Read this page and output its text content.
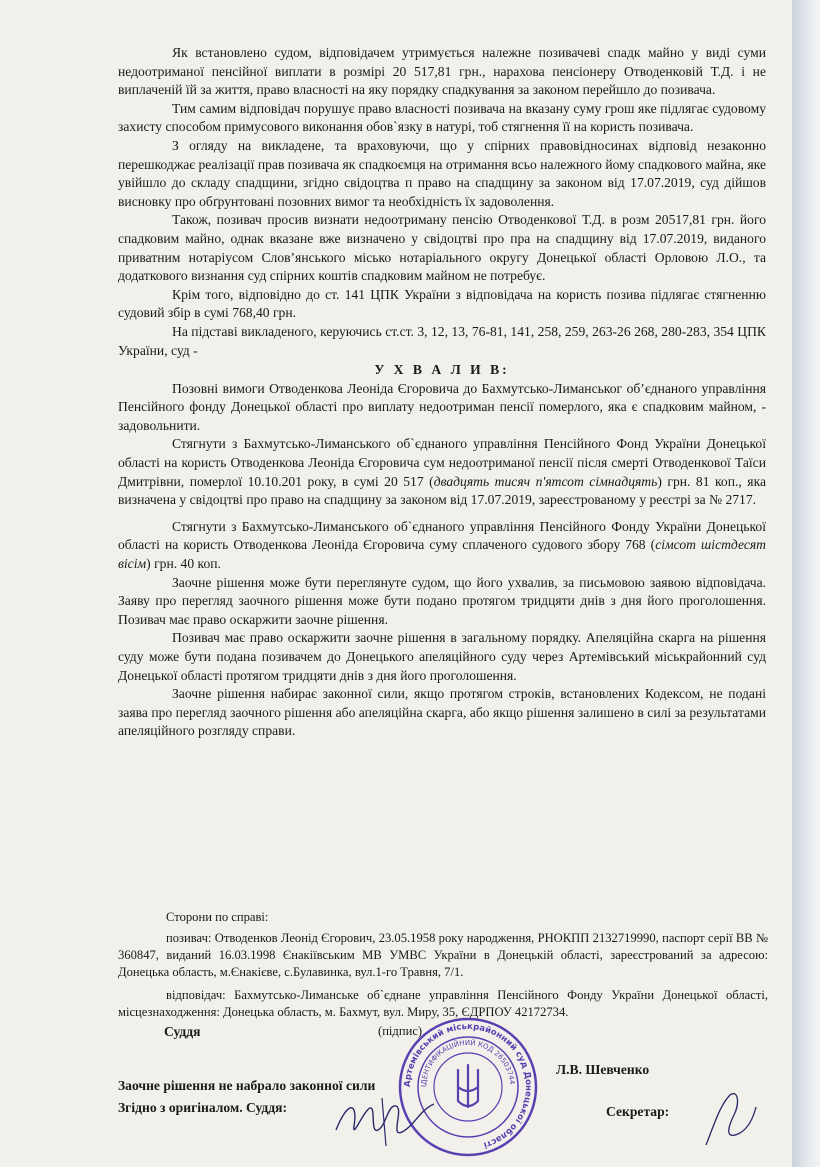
Як встановлено судом, відповідачем утримується належне позивачеві спадк майно у виді суми недоотриманої пенсійної виплати в розмірі 20 517,81 грн., нарахова пенсіонеру Отводенковій Т.Д. і не виплаченій їй за життя, право власності на яку порядку спадкування за законом перейшло до позивача.

Тим самим відповідач порушує право власності позивача на вказану суму грош яке підлягає судовому захисту способом примусового виконання обов`язку в натурі, тоб стягнення її на користь позивача.

З огляду на викладене, та враховуючи, що у спірних правовідносинах відповід незаконно перешкоджає реалізації прав позивача як спадкоємця на отримання всьо належного йому спадкового майна, яке увійшло до складу спадщини, згідно свідоцтва п право на спадщину за законом від 17.07.2019, суд дійшов висновку про обґрунтовані позовних вимог та необхідність їх задоволення.

Також, позивач просив визнати недоотриману пенсію Отводенкової Т.Д. в розм 20517,81 грн. його спадковим майно, однак вказане вже визначено у свідоцтві про пра на спадщину від 17.07.2019, виданого приватним нотаріусом Слов’янського місько нотаріального округу Донецької області Орловою Л.О., та додаткового визнання суд спірних коштів спадковим майном не потребує.

Крім того, відповідно до ст. 141 ЦПК України з відповідача на користь позива підлягає стягненню судовий збір в сумі 768,40 грн.

На підставі викладеного, керуючись ст.ст. 3, 12, 13, 76-81, 141, 258, 259, 263-26 268, 280-283, 354 ЦПК України, суд -

У Х В А Л И В:

Позовні вимоги Отводенкова Леоніда Єгоровича до Бахмутсько-Лиманськог об’єднаного управління Пенсійного фонду Донецької області про виплату недоотриман пенсії померлого, яка є спадковим майном, - задовольнити.

Стягнути з Бахмутсько-Лиманського об`єднаного управління Пенсійного Фонд України Донецької області на користь Отводенкова Леоніда Єгоровича сум недоотриманої пенсії після смерті Отводенкової Таїси Дмитрівни, померлої 10.10.201 року, в сумі 20 517 (двадцять тисяч п'ятсот сімнадцять) грн. 81 коп., яка визначена у свідоцтві про право на спадщину за законом від 17.07.2019, зареєстрованому у реєстрі за № 2717.

Стягнути з Бахмутсько-Лиманського об`єднаного управління Пенсійного Фонду України Донецької області на користь Отводенкова Леоніда Єгоровича суму сплаченого судового збору 768 (сімсот шістдесят вісім) грн. 40 коп.

Заочне рішення може бути переглянуте судом, що його ухвалив, за письмовою заявою відповідача. Заяву про перегляд заочного рішення може бути подано протягом тридцяти днів з дня його проголошення. Позивач має право оскаржити заочне рішення.

Позивач має право оскаржити заочне рішення в загальному порядку. Апеляційна скарга на рішення суду може бути подана позивачем до Донецького апеляційного суду через Артемівський міськрайонний суд Донецької області протягом тридцяти днів з дня його проголошення.

Заочне рішення набирає законної сили, якщо протягом строків, встановлених Кодексом, не подані заява про перегляд заочного рішення або апеляційна скарга, або якщо рішення залишено в силі за результатами апеляційного розгляду справи.

Сторони по справі:

позивач: Отводенков Леонід Єгорович, 23.05.1958 року народження, РНОКПП 2132719990, паспорт серії ВВ № 360847, виданий 16.03.1998 Єнакіївським МВ УМВС України в Донецькій області, зареєстрований за адресою: Донецька область, м.Єнакієве, с.Булавинка, вул.1-го Травня, 7/1.

відповідач: Бахмутсько-Лиманське об`єднане управління Пенсійного Фонду України Донецької області, місцезнаходження: Донецька область, м. Бахмут, вул. Миру, 35, ЄДРПОУ 42172734.

Суддя	(підпис)
Л.В. Шевченко
Заочне рішення не набрало законної сили
Згідно з оригіналом. Суддя:	Секретар:
Артемівський міськрайонний суд Донецької області
ІДЕНТИФІКАЦІЙНИЙ КОД 26503744
